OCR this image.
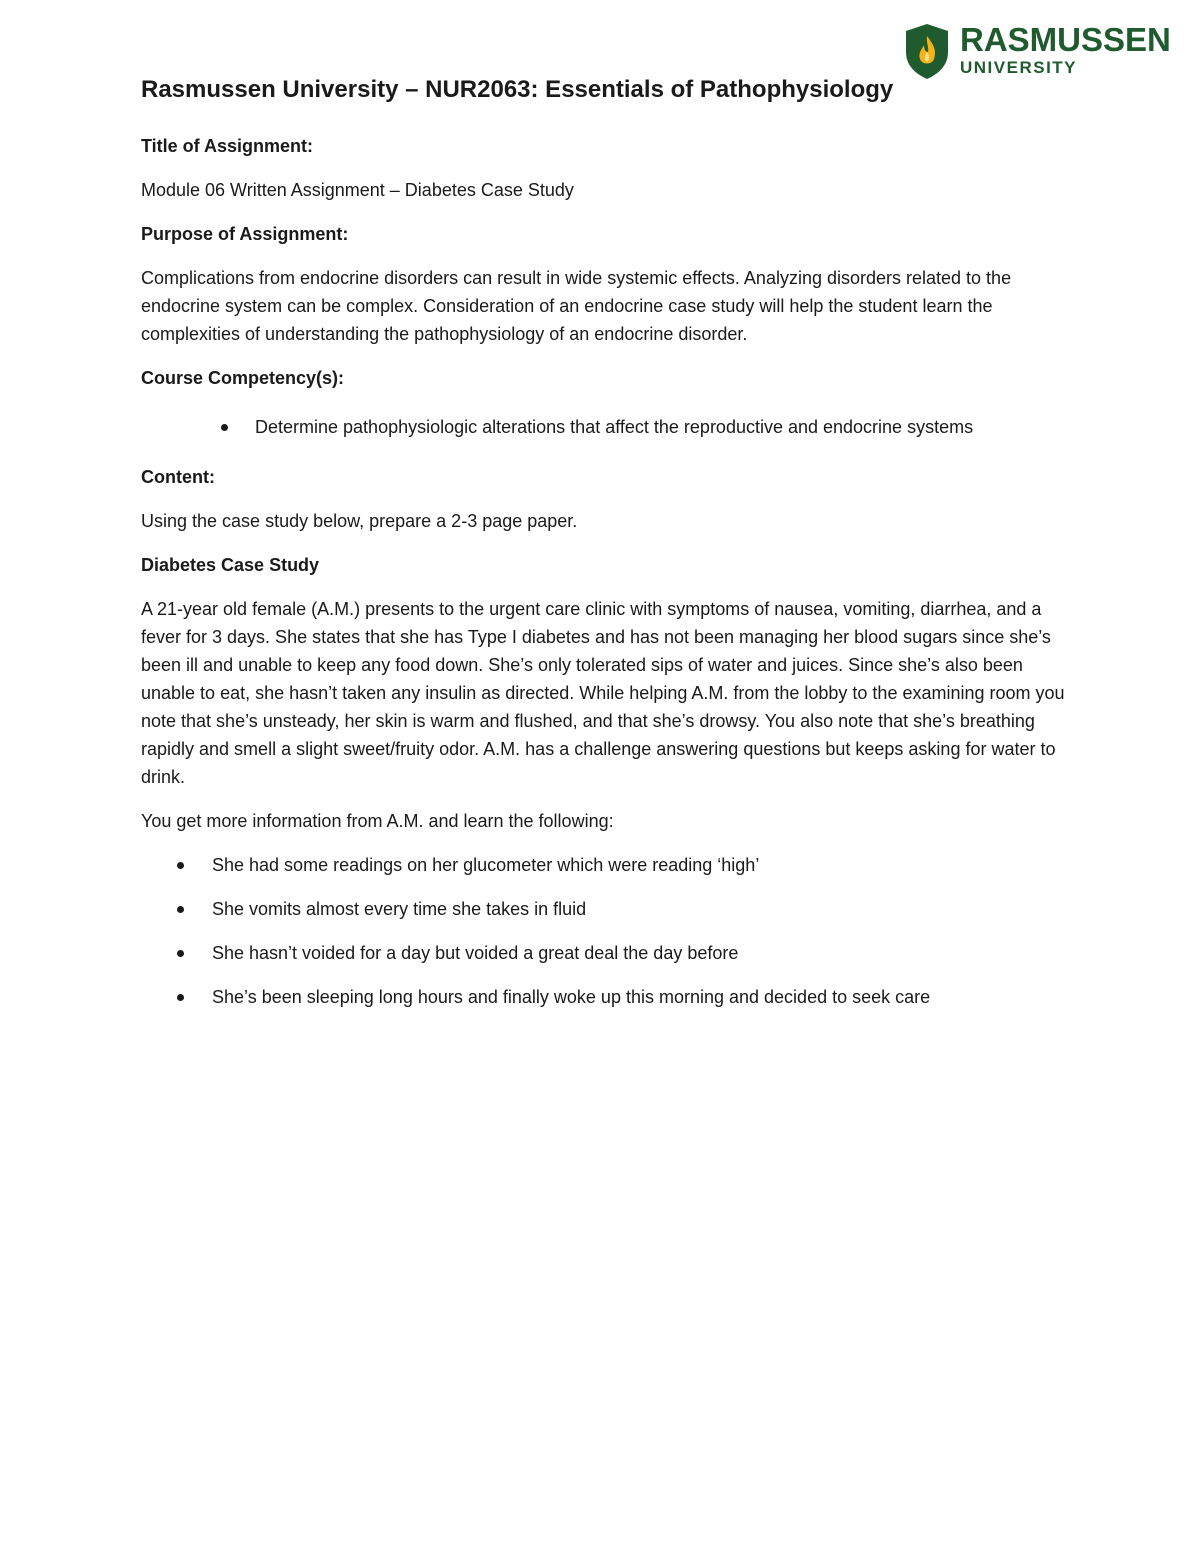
RASMUSSEN
UNIVERSITY
Rasmussen University – NUR2063: Essentials of Pathophysiology

Title of Assignment:

Module 06 Written Assignment – Diabetes Case Study

Purpose of Assignment:

Complications from endocrine disorders can result in wide systemic effects. Analyzing disorders related to the endocrine system can be complex. Consideration of an endocrine case study will help the student learn the complexities of understanding the pathophysiology of an endocrine disorder.

Course Competency(s):

Determine pathophysiologic alterations that affect the reproductive and endocrine systems

Content:

Using the case study below, prepare a 2-3 page paper.

Diabetes Case Study

A 21-year old female (A.M.) presents to the urgent care clinic with symptoms of nausea, vomiting, diarrhea, and a fever for 3 days. She states that she has Type I diabetes and has not been managing her blood sugars since she’s been ill and unable to keep any food down. She’s only tolerated sips of water and juices. Since she’s also been unable to eat, she hasn’t taken any insulin as directed. While helping A.M. from the lobby to the examining room you note that she’s unsteady, her skin is warm and flushed, and that she’s drowsy. You also note that she’s breathing rapidly and smell a slight sweet/fruity odor. A.M. has a challenge answering questions but keeps asking for water to drink.

You get more information from A.M. and learn the following:

She had some readings on her glucometer which were reading ‘high’
She vomits almost every time she takes in fluid
She hasn’t voided for a day but voided a great deal the day before
She’s been sleeping long hours and finally woke up this morning and decided to seek care
